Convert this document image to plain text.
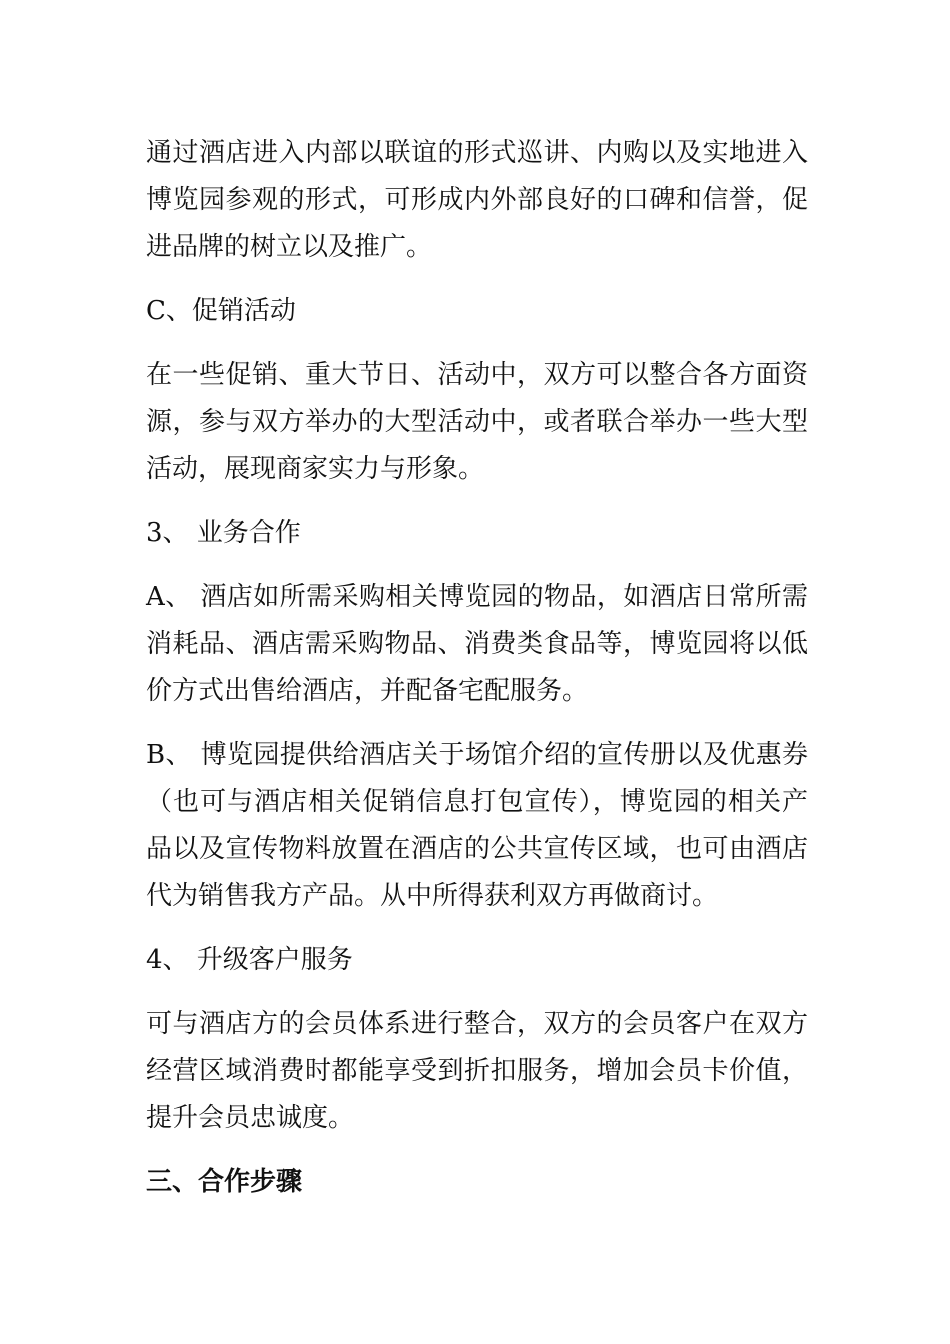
通过酒店进入内部以联谊的形式巡讲、内购以及实地进入博览园参观的形式，可形成内外部良好的口碑和信誉，促进品牌的树立以及推广。

C、促销活动

在一些促销、重大节日、活动中，双方可以整合各方面资源，参与双方举办的大型活动中，或者联合举办一些大型活动，展现商家实力与形象。

3、 业务合作

A、 酒店如所需采购相关博览园的物品，如酒店日常所需消耗品、酒店需采购物品、消费类食品等，博览园将以低价方式出售给酒店，并配备宅配服务。

B、 博览园提供给酒店关于场馆介绍的宣传册以及优惠券（也可与酒店相关促销信息打包宣传），博览园的相关产品以及宣传物料放置在酒店的公共宣传区域，也可由酒店代为销售我方产品。从中所得获利双方再做商讨。

4、 升级客户服务

可与酒店方的会员体系进行整合，双方的会员客户在双方经营区域消费时都能享受到折扣服务，增加会员卡价值，提升会员忠诚度。

三、合作步骤
